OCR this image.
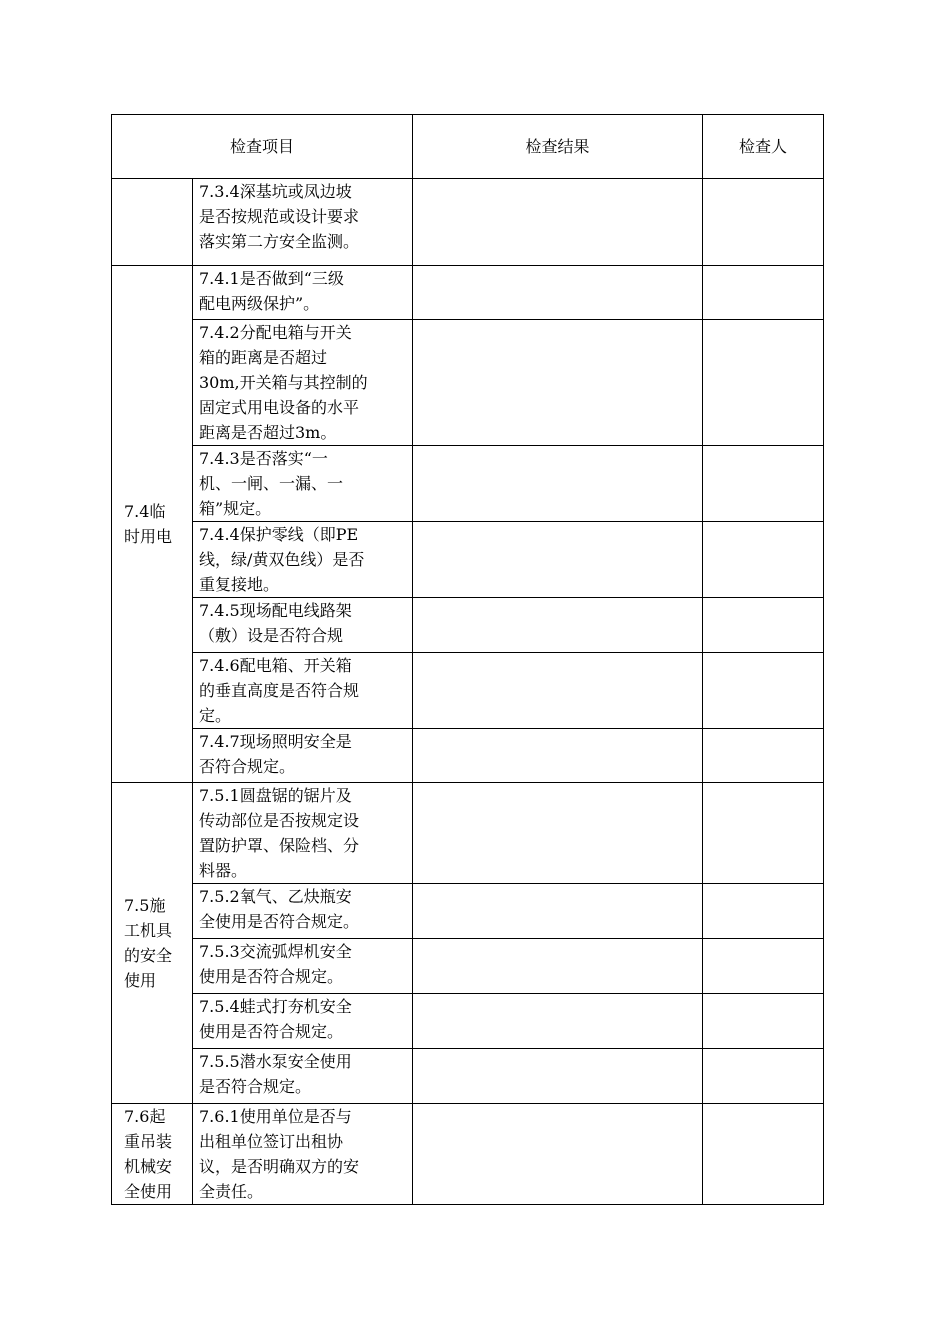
检查项目		检查结果	检查人

	7.3.4深基坑或凤边坡
是否按规范或设计要求
落实第二方安全监测。		

7.4临
时用电	7.4.1是否做到“三级
配电两级保护”。		

	7.4.2分配电箱与开关
箱的距离是否超过
30m,开关箱与其控制的
固定式用电设备的水平
距离是否超过3m。		

	7.4.3是否落实“一
机、一闸、一漏、一
箱”规定。		

	7.4.4保护零线（即PE
线，绿/黄双色线）是否
重复接地。		

	7.4.5现场配电线路架
（敷）设是否符合规		

	7.4.6配电箱、开关箱
的垂直高度是否符合规
定。		

	7.4.7现场照明安全是
否符合规定。		

7.5施
工机具
的安全
使用	7.5.1圆盘锯的锯片及
传动部位是否按规定设
置防护罩、保险档、分
料器。		

	7.5.2氧气、乙炔瓶安
全使用是否符合规定。		

	7.5.3交流弧焊机安全
使用是否符合规定。		

	7.5.4蛙式打夯机安全
使用是否符合规定。		

	7.5.5潜水泵安全使用
是否符合规定。		

7.6起
重吊装
机械安
全使用	7.6.1使用单位是否与
出租单位签订出租协
议，是否明确双方的安
全责任。		
